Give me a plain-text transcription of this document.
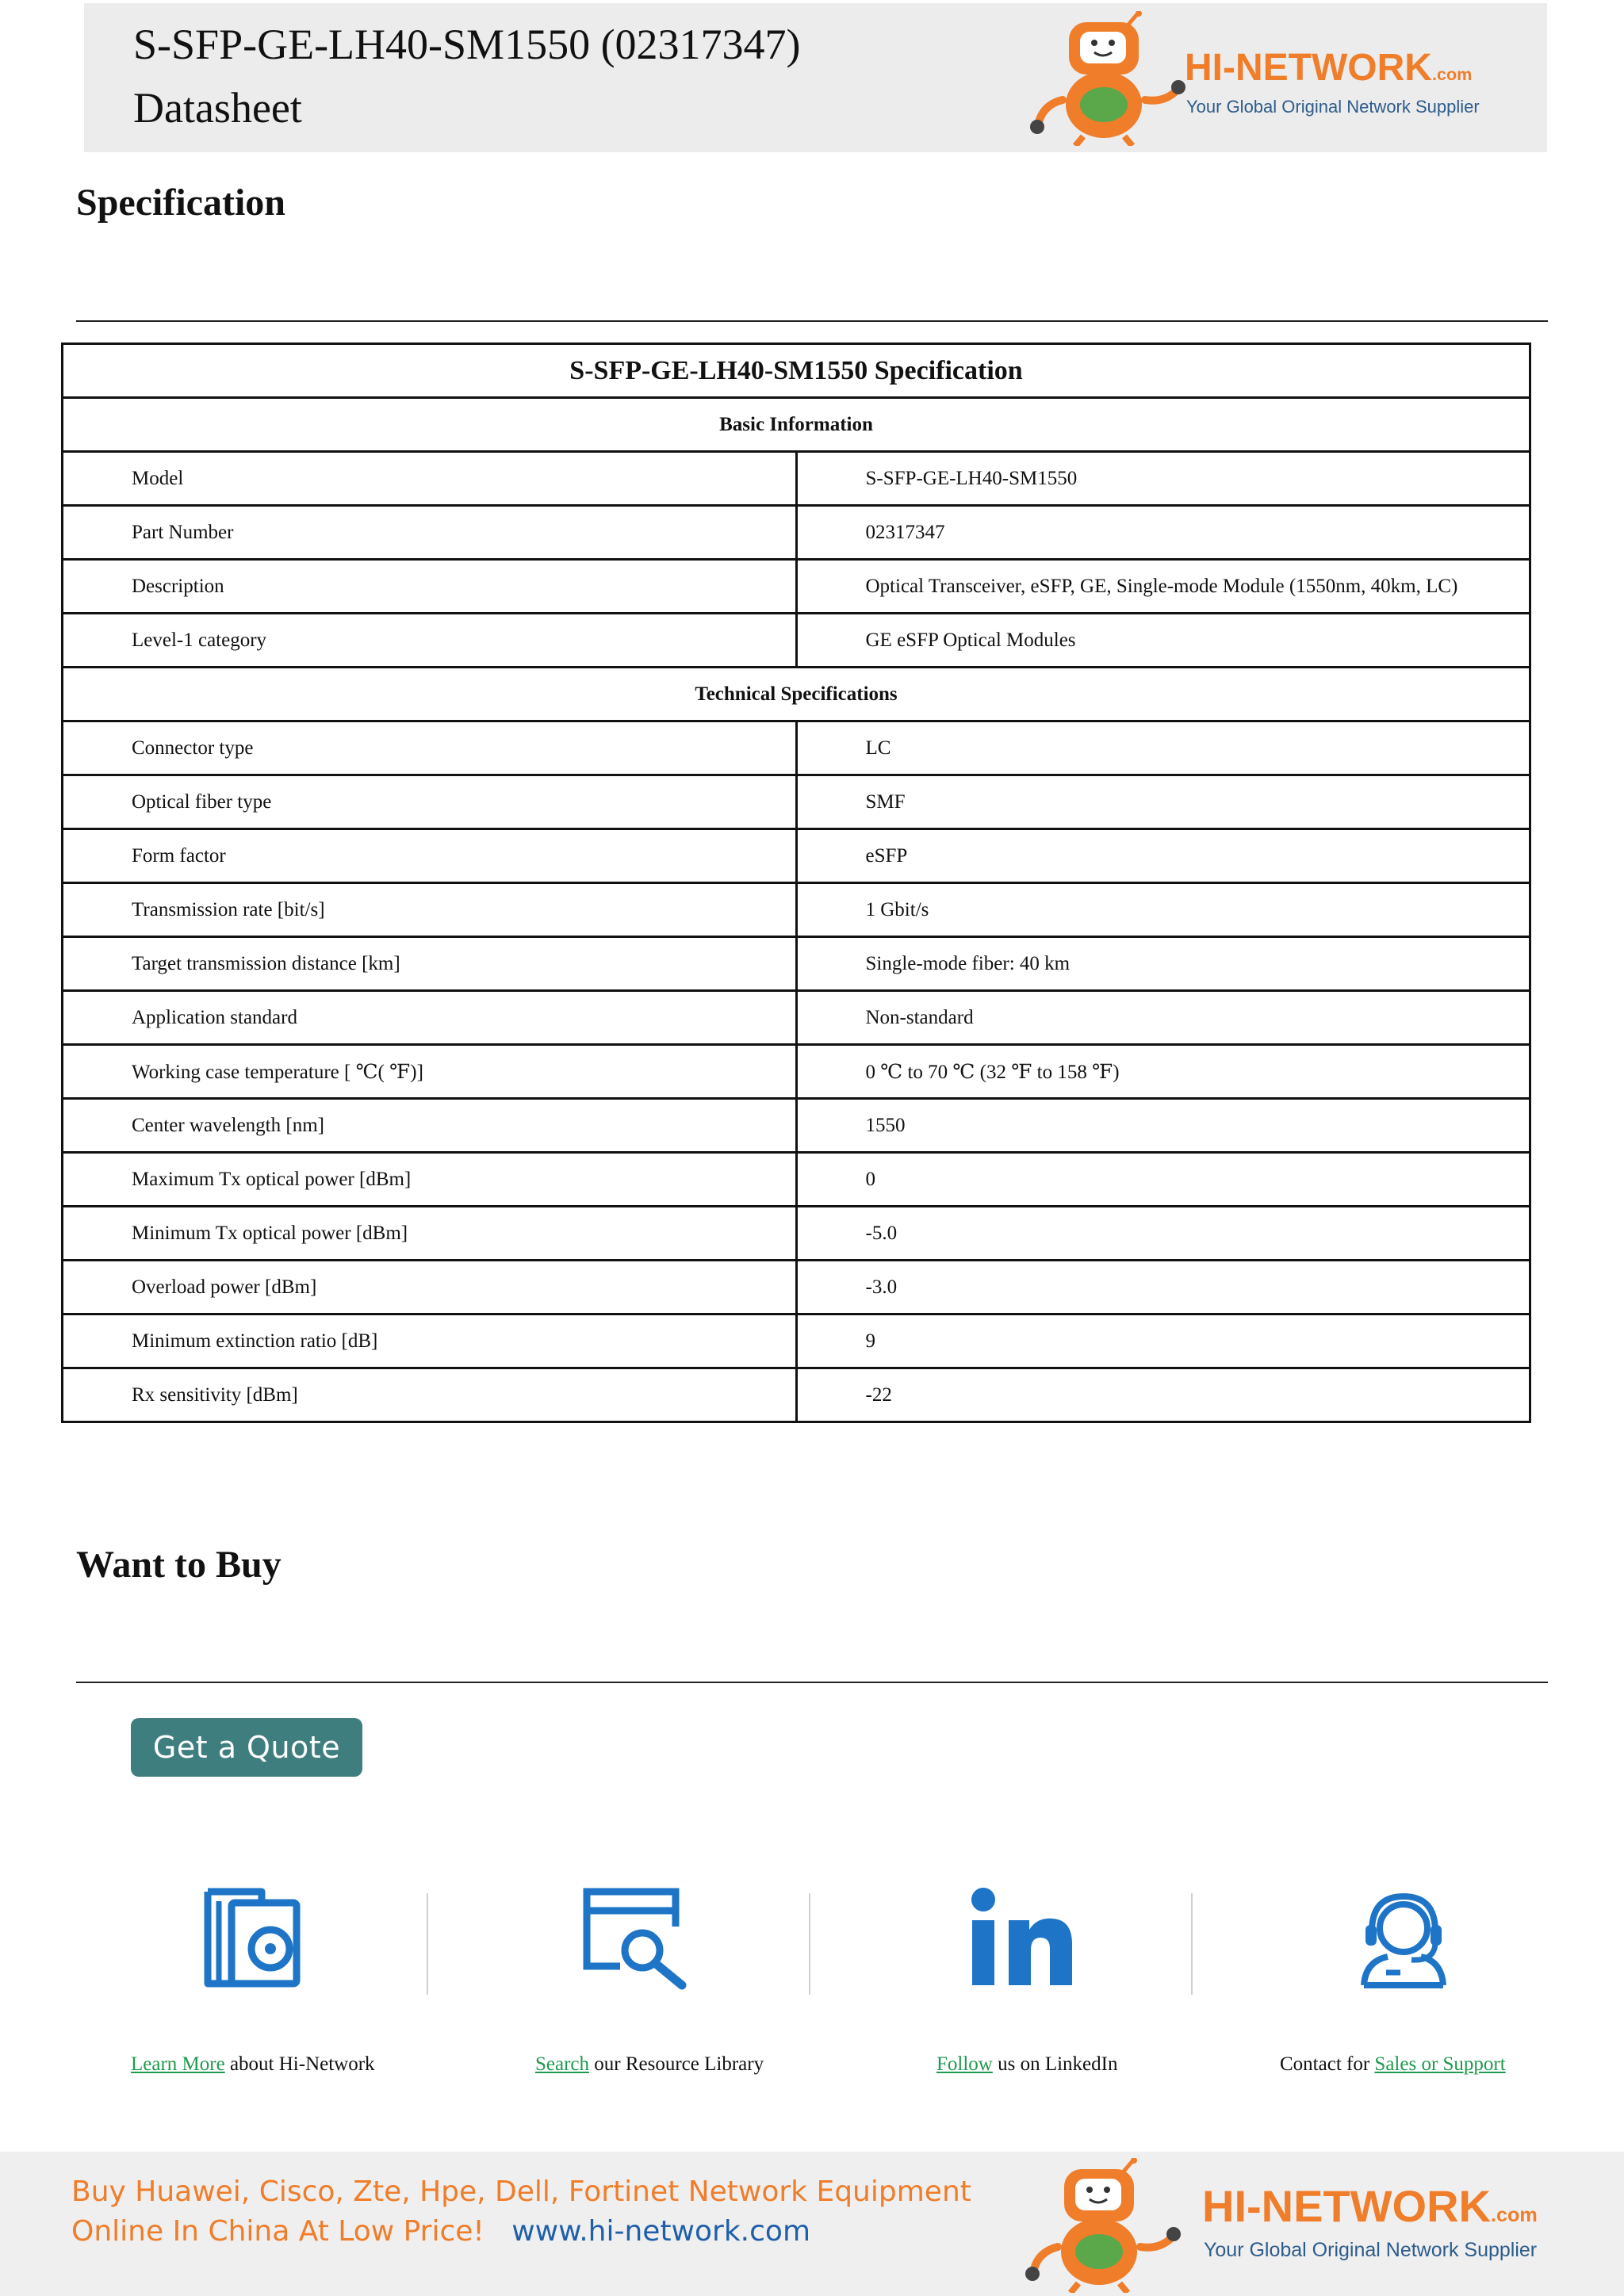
S-SFP-GE-LH40-SM1550 (02317347)
Datasheet
HI-NETWORK.com
Your Global Original Network Supplier
Specification
S-SFP-GE-LH40-SM1550 Specification	
Basic Information	
Model	S-SFP-GE-LH40-SM1550
Part Number	02317347
Description	Optical Transceiver, eSFP, GE, Single-mode Module (1550nm, 40km, LC)
Level-1 category	GE eSFP Optical Modules
Technical Specifications	
Connector type	LC
Optical fiber type	SMF
Form factor	eSFP
Transmission rate [bit/s]	1 Gbit/s
Target transmission distance [km]	Single-mode fiber: 40 km
Application standard	Non-standard
Working case temperature [ ℃( ℉)]	0 ℃ to 70 ℃ (32 ℉ to 158 ℉)
Center wavelength [nm]	1550
Maximum Tx optical power [dBm]	0
Minimum Tx optical power [dBm]	-5.0
Overload power [dBm]	-3.0
Minimum extinction ratio [dB]	9
Rx sensitivity [dBm]	-22
Want to Buy
Get a Quote
Learn More about Hi-Network	Search our Resource Library	Follow us on LinkedIn	Contact for Sales or Support
Buy Huawei, Cisco, Zte, Hpe, Dell, Fortinet Network Equipment
Online In China At Low Price! www.hi-network.com
HI-NETWORK.com
Your Global Original Network Supplier
